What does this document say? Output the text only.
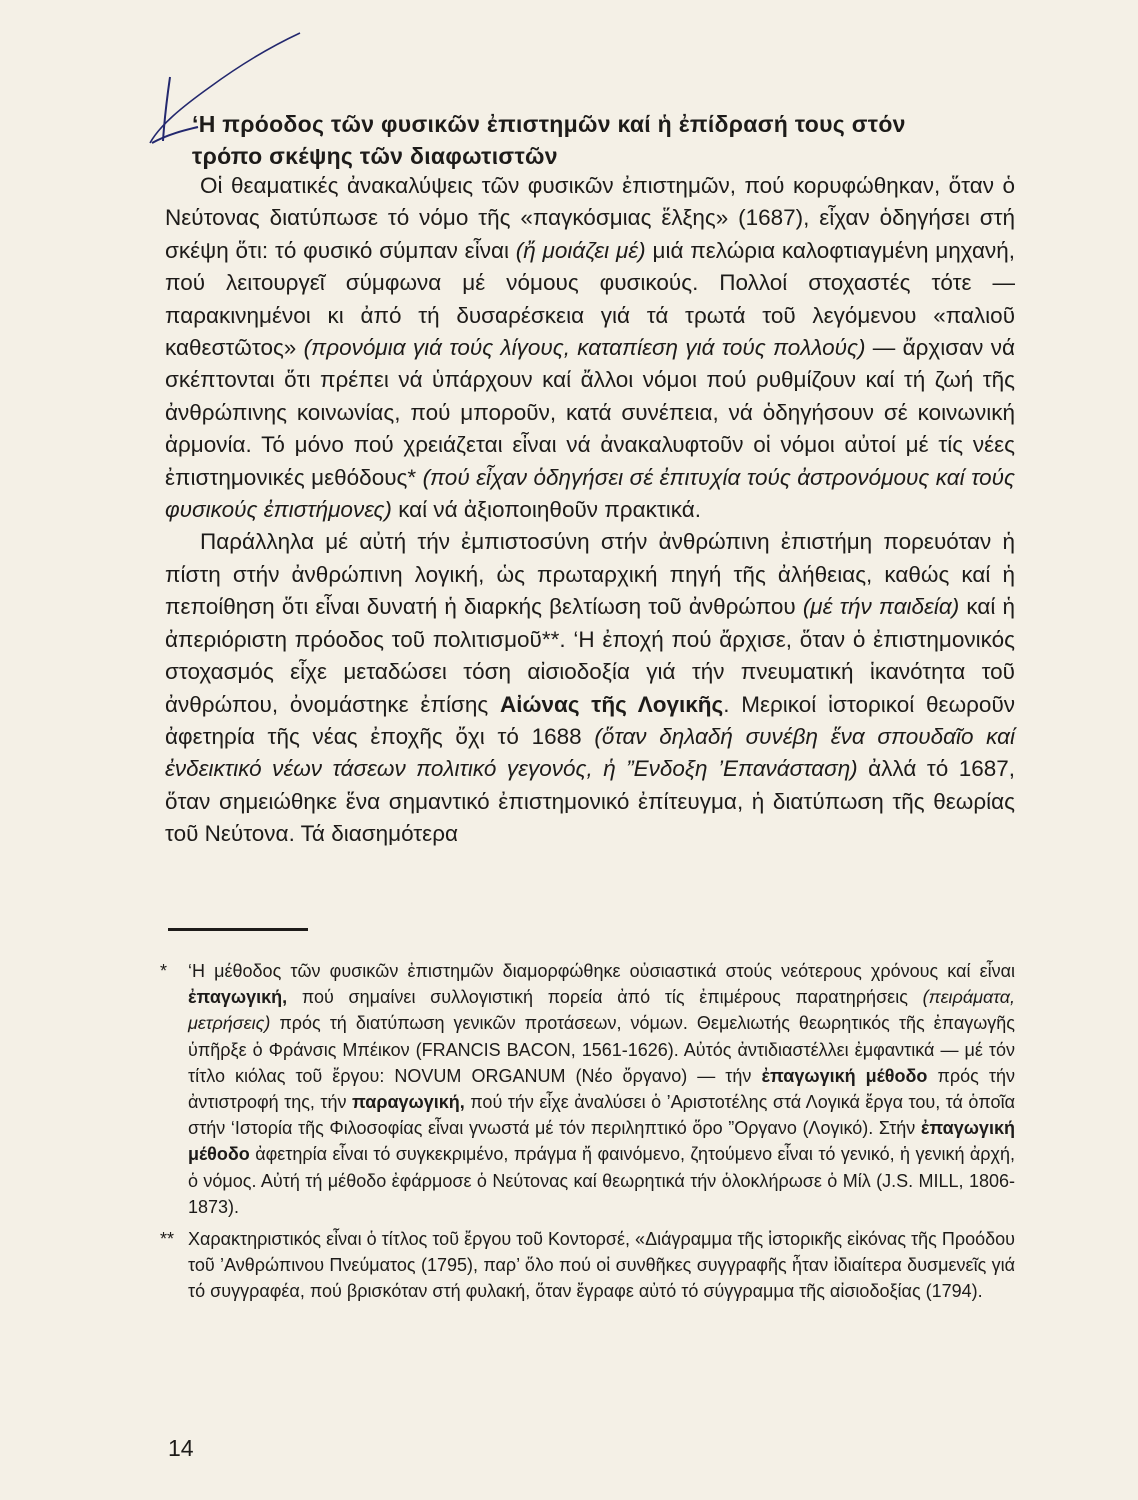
‘Η πρόοδος τῶν φυσικῶν ἐπιστημῶν καί ἡ ἐπίδρασή τους στόν
τρόπο σκέψης τῶν διαφωτιστῶν

Οἱ θεαματικές ἀνακαλύψεις τῶν φυσικῶν ἐπιστημῶν, πού κορυφώθηκαν, ὅταν ὁ Νεύτονας διατύπωσε τό νόμο τῆς «παγκόσμιας ἕλξης» (1687), εἶχαν ὁδηγήσει στή σκέψη ὅτι: τό φυσικό σύμπαν εἶναι (ἤ μοιάζει μέ) μιά πελώρια καλοφτιαγμένη μηχανή, πού λειτουργεῖ σύμφωνα μέ νόμους φυσικούς. Πολλοί στοχαστές τότε — παρακινημένοι κι ἀπό τή δυσαρέσκεια γιά τά τρωτά τοῦ λεγόμενου «παλιοῦ καθεστῶτος» (προνόμια γιά τούς λίγους, καταπίεση γιά τούς πολλούς) — ἄρχισαν νά σκέπτονται ὅτι πρέπει νά ὑπάρχουν καί ἄλλοι νόμοι πού ρυθμίζουν καί τή ζωή τῆς ἀνθρώπινης κοινωνίας, πού μποροῦν, κατά συνέπεια, νά ὁδηγήσουν σέ κοινωνική ἁρμονία. Τό μόνο πού χρειάζεται εἶναι νά ἀνακαλυφτοῦν οἱ νόμοι αὐτοί μέ τίς νέες ἐπιστημονικές μεθόδους* (πού εἶχαν ὁδηγήσει σέ ἐπιτυχία τούς ἀστρονόμους καί τούς φυσικούς ἐπιστήμονες) καί νά ἀξιοποιηθοῦν πρακτικά.

Παράλληλα μέ αὐτή τήν ἐμπιστοσύνη στήν ἀνθρώπινη ἐπιστήμη πορευόταν ἡ πίστη στήν ἀνθρώπινη λογική, ὡς πρωταρχική πηγή τῆς ἀλήθειας, καθώς καί ἡ πεποίθηση ὅτι εἶναι δυνατή ἡ διαρκής βελτίωση τοῦ ἀνθρώπου (μέ τήν παιδεία) καί ἡ ἀπεριόριστη πρόοδος τοῦ πολιτισμοῦ**. ‘Η ἐποχή πού ἄρχισε, ὅταν ὁ ἐπιστημονικός στοχασμός εἶχε μεταδώσει τόση αἰσιοδοξία γιά τήν πνευματική ἱκανότητα τοῦ ἀνθρώπου, ὀνομάστηκε ἐπίσης Αἰώνας τῆς Λογικῆς. Μερικοί ἱστορικοί θεωροῦν ἀφετηρία τῆς νέας ἐποχῆς ὄχι τό 1688 (ὅταν δηλαδή συνέβη ἕνα σπουδαῖο καί ἐνδεικτικό νέων τάσεων πολιτικό γεγονός, ἡ ”Ενδοξη ’Επανάσταση) ἀλλά τό 1687, ὅταν σημειώθηκε ἕνα σημαντικό ἐπιστημονικό ἐπίτευγμα, ἡ διατύπωση τῆς θεωρίας τοῦ Νεύτονα. Τά διασημότερα

* ‘Η μέθοδος τῶν φυσικῶν ἐπιστημῶν διαμορφώθηκε οὐσιαστικά στούς νεότερους χρόνους καί εἶναι ἐπαγωγική, πού σημαίνει συλλογιστική πορεία ἀπό τίς ἐπιμέρους παρατηρήσεις (πειράματα, μετρήσεις) πρός τή διατύπωση γενικῶν προτάσεων, νόμων. Θεμελιωτής θεωρητικός τῆς ἐπαγωγῆς ὑπῆρξε ὁ Φράνσις Μπέικον (FRANCIS BACON, 1561-1626). Αὐτός ἀντιδιαστέλλει ἐμφαντικά — μέ τόν τίτλο κιόλας τοῦ ἔργου: NOVUM ORGANUM (Νέο ὄργανο) — τήν ἐπαγωγική μέθοδο πρός τήν ἀντιστροφή της, τήν παραγωγική, πού τήν εἶχε ἀναλύσει ὁ ’Αριστοτέλης στά Λογικά ἔργα του, τά ὁποῖα στήν ‘Ιστορία τῆς Φιλοσοφίας εἶναι γνωστά μέ τόν περιληπτικό ὅρο ”Οργανο (Λογικό). Στήν ἐπαγωγική μέθοδο ἀφετηρία εἶναι τό συγκεκριμένο, πράγμα ἤ φαινόμενο, ζητούμενο εἶναι τό γενικό, ἡ γενική ἀρχή, ὁ νόμος. Αὐτή τή μέθοδο ἐφάρμοσε ὁ Νεύτονας καί θεωρητικά τήν ὁλοκλήρωσε ὁ Μίλ (J.S. MILL, 1806-1873).
** Χαρακτηριστικός εἶναι ὁ τίτλος τοῦ ἔργου τοῦ Κοντορσέ, «Διάγραμμα τῆς ἱστορικῆς εἰκόνας τῆς Προόδου τοῦ ’Ανθρώπινου Πνεύματος (1795), παρ’ ὅλο πού οἱ συνθῆκες συγγραφῆς ἦταν ἰδιαίτερα δυσμενεῖς γιά τό συγγραφέα, πού βρισκόταν στή φυλακή, ὅταν ἔγραφε αὐτό τό σύγγραμμα τῆς αἰσιοδοξίας (1794).
14
